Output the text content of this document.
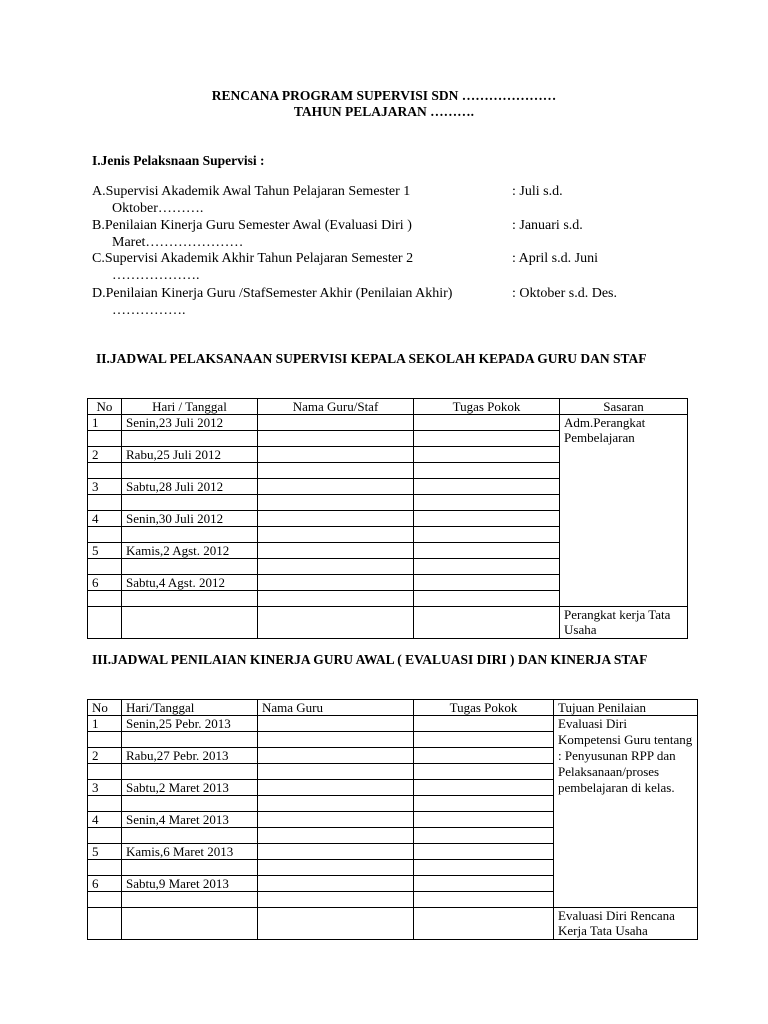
RENCANA PROGRAM SUPERVISI SDN …………………
TAHUN PELAJARAN ……….
I.Jenis Pelaksnaan Supervisi :
A.Supervisi Akademik Awal Tahun Pelajaran Semester 1	: Juli s.d.
Oktober……….
B.Penilaian Kinerja Guru Semester Awal (Evaluasi Diri )	: Januari s.d.
Maret…………………
C.Supervisi Akademik Akhir Tahun Pelajaran Semester 2	: April s.d. Juni
……………….
D.Penilaian Kinerja Guru /StafSemester Akhir (Penilaian Akhir)	: Oktober s.d. Des.
…………….
II.JADWAL PELAKSANAAN SUPERVISI KEPALA SEKOLAH KEPADA GURU DAN STAF
No	Hari / Tanggal	Nama Guru/Staf	Tugas Pokok	Sasaran
1	Senin,23 Juli 2012			Adm.Perangkat Pembelajaran

2	Rabu,25 Juli 2012			

3	Sabtu,28 Juli 2012			

4	Senin,30 Juli 2012			

5	Kamis,2 Agst. 2012			

6	Sabtu,4 Agst. 2012			

				Perangkat kerja Tata Usaha
III.JADWAL PENILAIAN KINERJA GURU AWAL ( EVALUASI DIRI ) DAN KINERJA STAF
No	Hari/Tanggal	Nama Guru	Tugas Pokok	Tujuan Penilaian
1	Senin,25 Pebr. 2013			Evaluasi Diri Kompetensi Guru tentang : Penyusunan RPP dan Pelaksanaan/proses pembelajaran di kelas.

2	Rabu,27 Pebr. 2013			

3	Sabtu,2 Maret 2013			

4	Senin,4 Maret 2013			

5	Kamis,6 Maret 2013			

6	Sabtu,9 Maret 2013			

				Evaluasi Diri Rencana Kerja Tata Usaha
